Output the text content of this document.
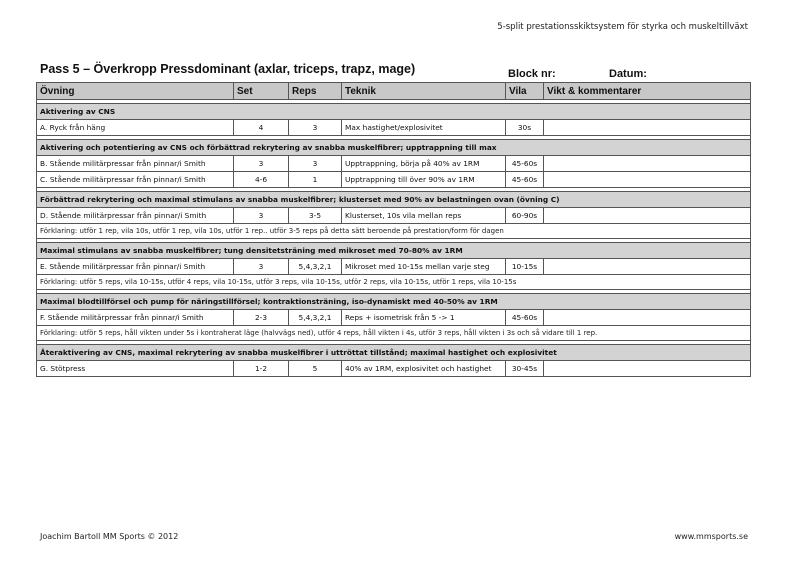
5-split prestationsskiktsystem för styrka och muskeltillväxt
Pass 5 – Överkropp Pressdominant (axlar, triceps, trapz, mage)	Block nr:	Datum:
Övning	Set	Reps	Teknik	Vila	Vikt & kommentarer

Aktivering av CNS					
A. Ryck från häng	4	3	Max hastighet/explosivitet	30s	

Aktivering och potentiering av CNS och förbättrad rekrytering av snabba muskelfibrer; upptrappning till max					
B. Stående militärpressar från pinnar/i Smith	3	3	Upptrappning, börja på 40% av 1RM	45-60s	
C. Stående militärpressar från pinnar/i Smith	4-6	1	Upptrappning till över 90% av 1RM	45-60s	

Förbättrad rekrytering och maximal stimulans av snabba muskelfibrer; klusterset med 90% av belastningen ovan (övning C)					
D. Stående militärpressar från pinnar/i Smith	3	3-5	Klusterset, 10s vila mellan reps	60-90s	
Förklaring: utför 1 rep, vila 10s, utför 1 rep, vila 10s, utför 1 rep.. utför 3-5 reps på detta sätt beroende på prestation/form för dagen					

Maximal stimulans av snabba muskelfibrer; tung densitetsträning med mikroset med 70-80% av 1RM					
E. Stående militärpressar från pinnar/i Smith	3	5,4,3,2,1	Mikroset med 10-15s mellan varje steg	10-15s	
Förklaring: utför 5 reps, vila 10-15s, utför 4 reps, vila 10-15s, utför 3 reps, vila 10-15s, utför 2 reps, vila 10-15s, utför 1 reps, vila 10-15s					

Maximal blodtillförsel och pump för näringstillförsel; kontraktionsträning, iso-dynamiskt med 40-50% av 1RM					
F. Stående militärpressar från pinnar/i Smith	2-3	5,4,3,2,1	Reps + isometrisk från 5 -> 1	45-60s	
Förklaring: utför 5 reps, håll vikten under 5s i kontraherat läge (halvvägs ned), utför 4 reps, håll vikten i 4s, utför 3 reps, håll vikten i 3s och så vidare till 1 rep.					

Återaktivering av CNS, maximal rekrytering av snabba muskelfibrer i uttröttat tillstånd; maximal hastighet och explosivitet					
G. Stötpress	1-2	5	40% av 1RM, explosivitet och hastighet	30-45s	
Joachim Bartoll MM Sports © 2012	www.mmsports.se
